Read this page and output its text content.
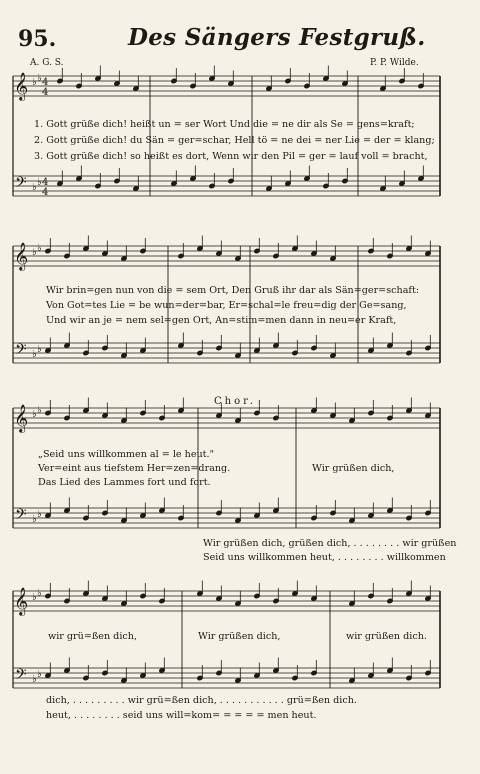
95.	Des Sängers Festgruß.
A. G. S.	P. P. Wilde.
𝄞
𝄢
♭ ♭
♭ ♭
4
4
4
4
𝄞
𝄢
♭ ♭
♭ ♭
𝄞
𝄢
♭ ♭
♭ ♭
𝄞
𝄢
♭ ♭
♭ ♭
1. Gott grüße dich! heißt un = ser Wort Und die = ne dir als Se = gens=kraft;
2. Gott grüße dich! du Sän = ger=schar, Hell tö = ne dei = ner Lie = der = klang;
3. Gott grüße dich! so heißt es dort, Wenn wir den Pil = ger = lauf voll = bracht,
Wir brin=gen nun von die = sem Ort, Den Gruß ihr dar als Sän=ger=schaft:
Von Got=tes Lie = be wun=der=bar, Er=schal=le freu=dig der Ge=sang,
Und wir an je = nem sel=gen Ort, An=stim=men dann in neu=er Kraft,
Chor.
„Seid uns willkommen al = le heut."
Ver=eint aus tiefstem Her=zen=drang.
Das Lied des Lammes fort und fort.
Wir grüßen dich,
Wir grüßen dich, grüßen dich, . . . . . . . . wir grüßen
Seid uns willkommen heut, . . . . . . . . willkommen
wir grü=ßen dich,	Wir grüßen dich,	wir grüßen dich.
dich, . . . . . . . . . wir grü=ßen dich, . . . . . . . . . . . grü=ßen dich.
heut, . . . . . . . . seid uns will=kom= = = = = men heut.
